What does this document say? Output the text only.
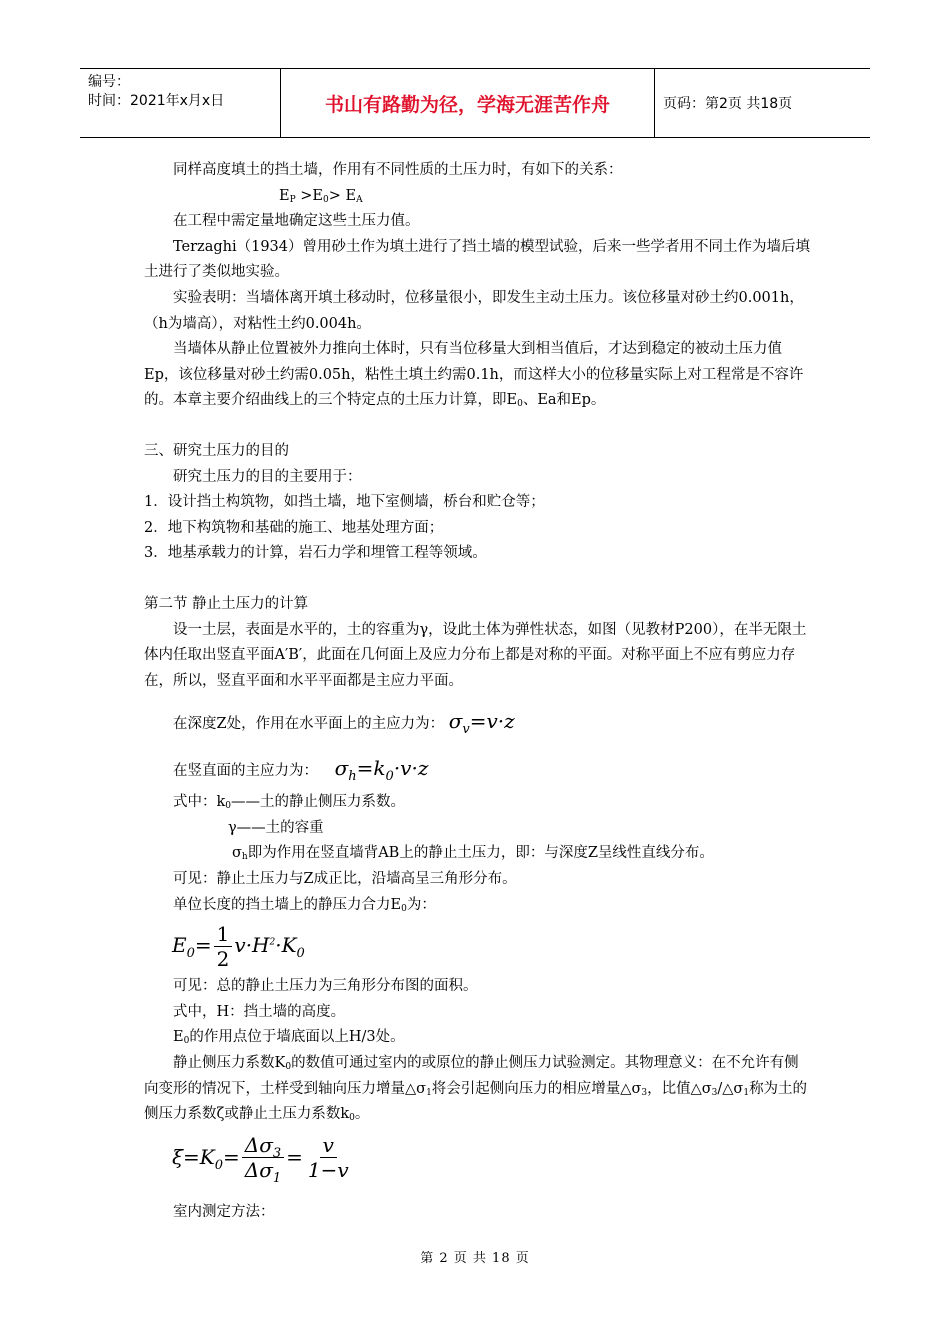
编号：
时间：2021年x月x日	书山有路勤为径，学海无涯苦作舟	页码：第2页 共18页

同样高度填土的挡土墙，作用有不同性质的土压力时，有如下的关系：

$E_P >E_0> E_A$

在工程中需定量地确定这些土压力值。

Terzaghi（1934）曾用砂土作为填土进行了挡土墙的模型试验，后来一些学者用不同土作为墙后填土进行了类似地实验。

实验表明：当墙体离开填土移动时，位移量很小，即发生主动土压力。该位移量对砂土约0.001h，（h为墙高），对粘性土约0.004h。

当墙体从静止位置被外力推向土体时，只有当位移量大到相当值后，才达到稳定的被动土压力值Ep，该位移量对砂土约需0.05h，粘性土填土约需0.1h，而这样大小的位移量实际上对工程常是不容许的。本章主要介绍曲线上的三个特定点的土压力计算，即$E_0$、Ea和Ep。

三、研究土压力的目的

研究土压力的目的主要用于：

1．设计挡土构筑物，如挡土墙，地下室侧墙，桥台和贮仓等；

2．地下构筑物和基础的施工、地基处理方面；

3．地基承载力的计算，岩石力学和埋管工程等领域。

第二节 静止土压力的计算

设一土层，表面是水平的，土的容重为γ，设此土体为弹性状态，如图（见教材P200），在半无限土体内任取出竖直平面A′B′，此面在几何面上及应力分布上都是对称的平面。对称平面上不应有剪应力存在，所以，竖直平面和水平平面都是主应力平面。

在深度Z处，作用在水平面上的主应力为： $\sigma_v=v\cdot z$

在竖直面的主应力为： $\sigma_h=k_0\cdot v\cdot z$

式中：$k_0——$土的静止侧压力系数。

γ——土的容重

$\sigma_h$即为作用在竖直墙背AB上的静止土压力，即：与深度Z呈线性直线分布。

可见：静止土压力与Z成正比，沿墙高呈三角形分布。

单位长度的挡土墙上的静压力合力$E_0$为：

$E_0= \frac{1}{2} v\cdot H^2\cdot K_0$

可见：总的静止土压力为三角形分布图的面积。

式中，H：挡土墙的高度。

$E_0$的作用点位于墙底面以上H/3处。

静止侧压力系数$K_0$的数值可通过室内的或原位的静止侧压力试验测定。其物理意义：在不允许有侧向变形的情况下，土样受到轴向压力增量$\triangle\sigma_1$将会引起侧向压力的相应增量$\triangle\sigma_3$，比值$\triangle\sigma_3/\triangle\sigma_1$称为土的侧压力系数ζ或静止土压力系数$k_0$。

$\xi=K_0= \frac{\Delta\sigma_3}{\Delta\sigma_1} = \frac{v}{1-v}$

室内测定方法：

第 2 页 共 18 页
